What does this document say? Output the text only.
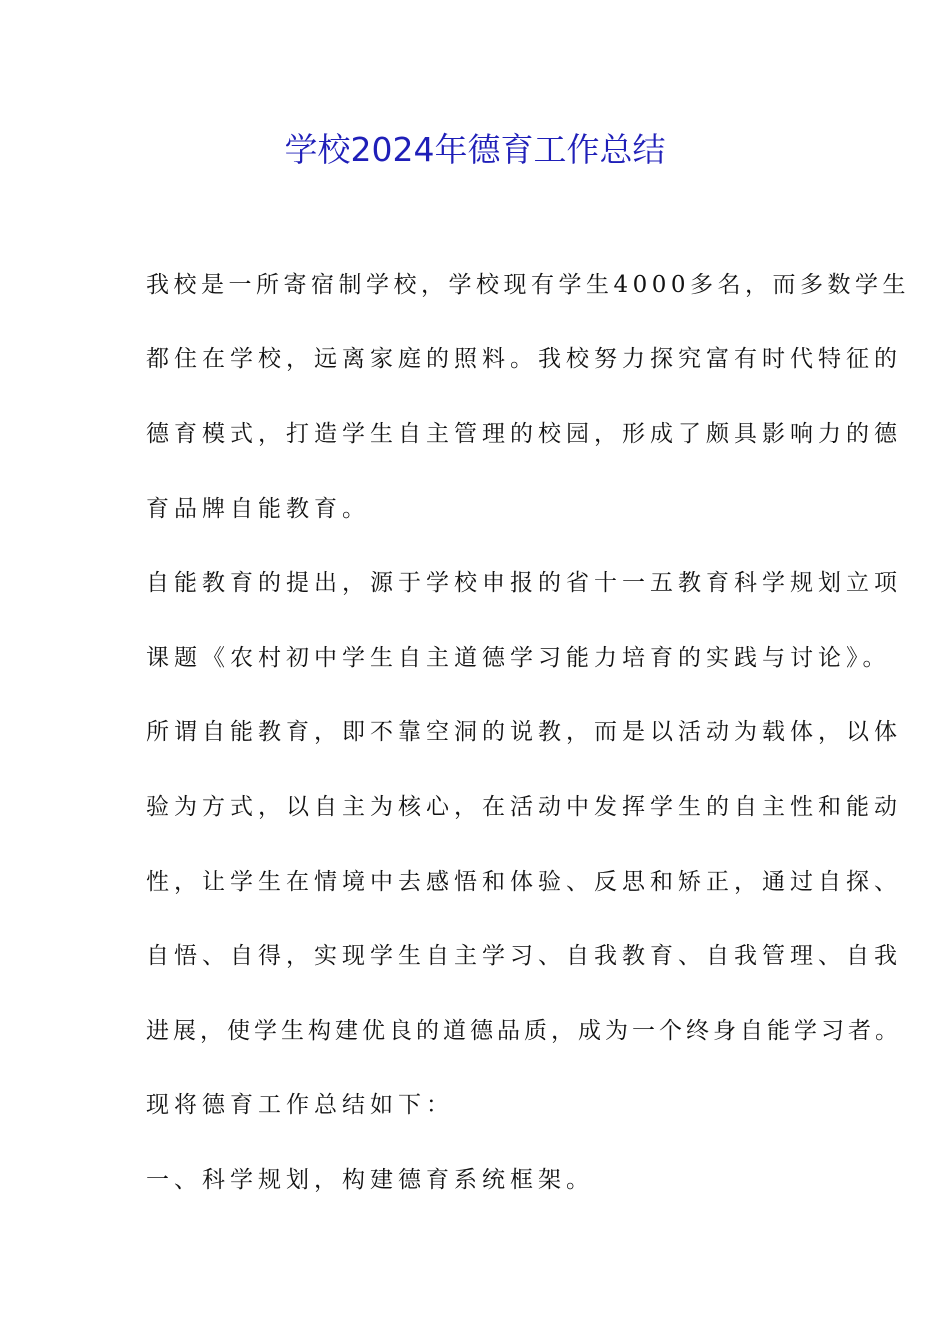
学校2024年德育工作总结

我校是一所寄宿制学校，学校现有学生4000多名，而多数学生

都住在学校，远离家庭的照料。我校努力探究富有时代特征的

德育模式，打造学生自主管理的校园，形成了颇具影响力的德

育品牌自能教育。

自能教育的提出，源于学校申报的省十一五教育科学规划立项

课题《农村初中学生自主道德学习能力培育的实践与讨论》。

所谓自能教育，即不靠空洞的说教，而是以活动为载体，以体

验为方式，以自主为核心，在活动中发挥学生的自主性和能动

性，让学生在情境中去感悟和体验、反思和矫正，通过自探、

自悟、自得，实现学生自主学习、自我教育、自我管理、自我

进展，使学生构建优良的道德品质，成为一个终身自能学习者。

现将德育工作总结如下：

一、科学规划，构建德育系统框架。
